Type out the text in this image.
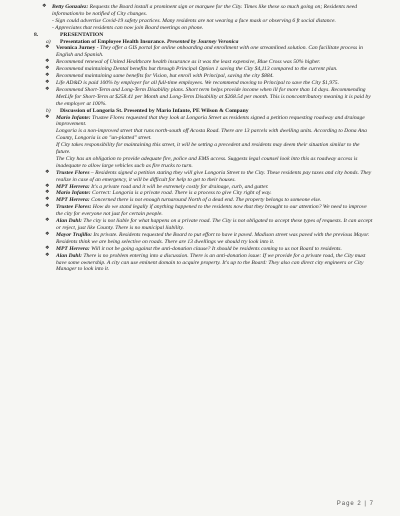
❖ Betty Gonzalez: Requests the Board install a prominent sign or marquee for the City. Times like these so much going on; Residents need information/to be notified of City changes.
- Sign could advertise Covid-19 safety practices. Many residents are not wearing a face mask or observing 6 ft social distance.
- Appreciates that residents can now join Board meetings on phone.
8.	PRESENTATION
a)	Presentation of Employee Health Insurance. Presented by Journey Veronica
❖ Veronica Jurney - They offer a GIS portal for online onboarding and enrollment with one streamlined solution. Can facilitate process in English and Spanish.
❖ Recommend renewal of United Healthcare health insurance as it was the least expensive, Blue Cross was 50% higher.
❖ Recommend maintaining Dental benefits but through Principal Option 1 saving the City $4,113 compared to the current plan.
❖ Recommend maintaining same benefits for Vision, but enroll with Principal, saving the city $884.
❖ Life AD&D is paid 100% by employer for all full-time employees. We recommend moving to Principal to save the City $1,975.
❖ Recommend Short-Term and Long-Term Disability plans. Short term helps provide income when ill for more than 14 days. Recommending MetLife for Short-Term at $258.41 per Month and Long-Term Disability at $268.54 per month. This is noncontributory meaning it is paid by the employer at 100%.
b)	Discussion of Longoria St. Presented by Mario Infante, PE Wilson & Company
❖ Mario Infante: Trustee Flores requested that they look at Longoria Street as residents signed a petition requesting roadway and drainage improvement.
Longoria is a non-improved street that runs north-south off Acosta Road. There are 13 parcels with dwelling units. According to Dona Ana County, Longoria is an "un-platted" street.
If City takes responsibility for maintaining this street, it will be setting a precedent and residents may deem their situation similar to the future.
The City has an obligation to provide adequate fire, police and EMS access. Suggests legal counsel look into this as roadway access is inadequate to allow large vehicles such as fire trucks to turn.
❖ Trustee Flores – Residents signed a petition stating they will give Longoria Street to the City. These residents pay taxes and city bonds. They realize in case of an emergency, it will be difficult for help to get to their houses.
❖ MPT Herrera: It's a private road and it will be extremely costly for drainage, curb, and gutter.
❖ Mario Infante: Correct: Longoria is a private road. There is a process to give City right of way.
❖ MPT Herrera: Concerned there is not enough turnaround North of a dead end. The property belongs to someone else.
❖ Trustee Flores: How do we stand legally if anything happened to the residents now that they brought to our attention? We need to improve the city for everyone not just for certain people.
❖ Alan Dahl: The city is not liable for what happens on a private road. The City is not obligated to accept these types of requests. It can accept or reject, just like County. There is no municipal liability.
❖ Mayor Trujillo: Its private. Residents requested the Board to put effort to have it paved. Madison street was paved with the previous Mayor. Residents think we are being selective on roads. There are 13 dwellings we should try look into it.
❖ MPT Herrera: Will it not be going against the anti-donation clause? It should be residents coming to us not Board to residents.
❖ Alan Dahl: There is no problem entering into a discussion. There is an anti-donation issue: If we provide for a private road, the City must have some ownership. A city can use eminent domain to acquire property. It's up to the Board: They also can direct city engineers or City Manager to look into it.
Page 2 | 7
